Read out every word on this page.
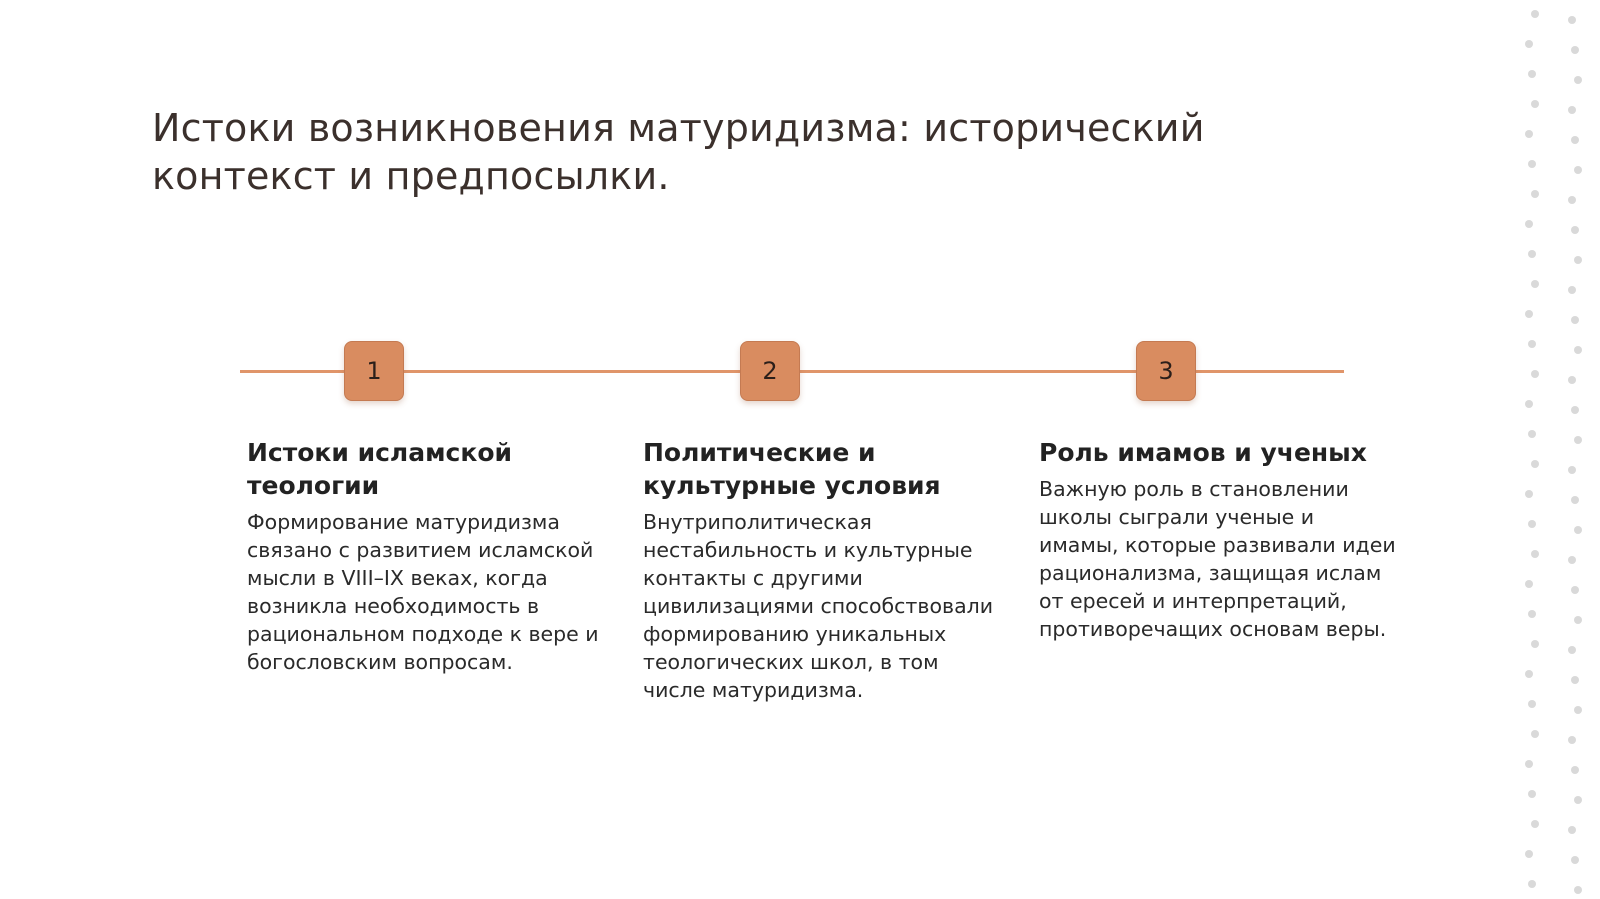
Истоки возникновения матуридизма: исторический контекст и предпосылки.
1	2	3
Истоки исламской теологии

Формирование матуридизма связано с развитием исламской мысли в VIII–IX веках, когда возникла необходимость в рациональном подходе к вере и богословским вопросам.

Политические и культурные условия

Внутриполитическая нестабильность и культурные контакты с другими цивилизациями способствовали формированию уникальных теологических школ, в том числе матуридизма.

Роль имамов и ученых

Важную роль в становлении школы сыграли ученые и имамы, которые развивали идеи рационализма, защищая ислам от ересей и интерпретаций, противоречащих основам веры.
